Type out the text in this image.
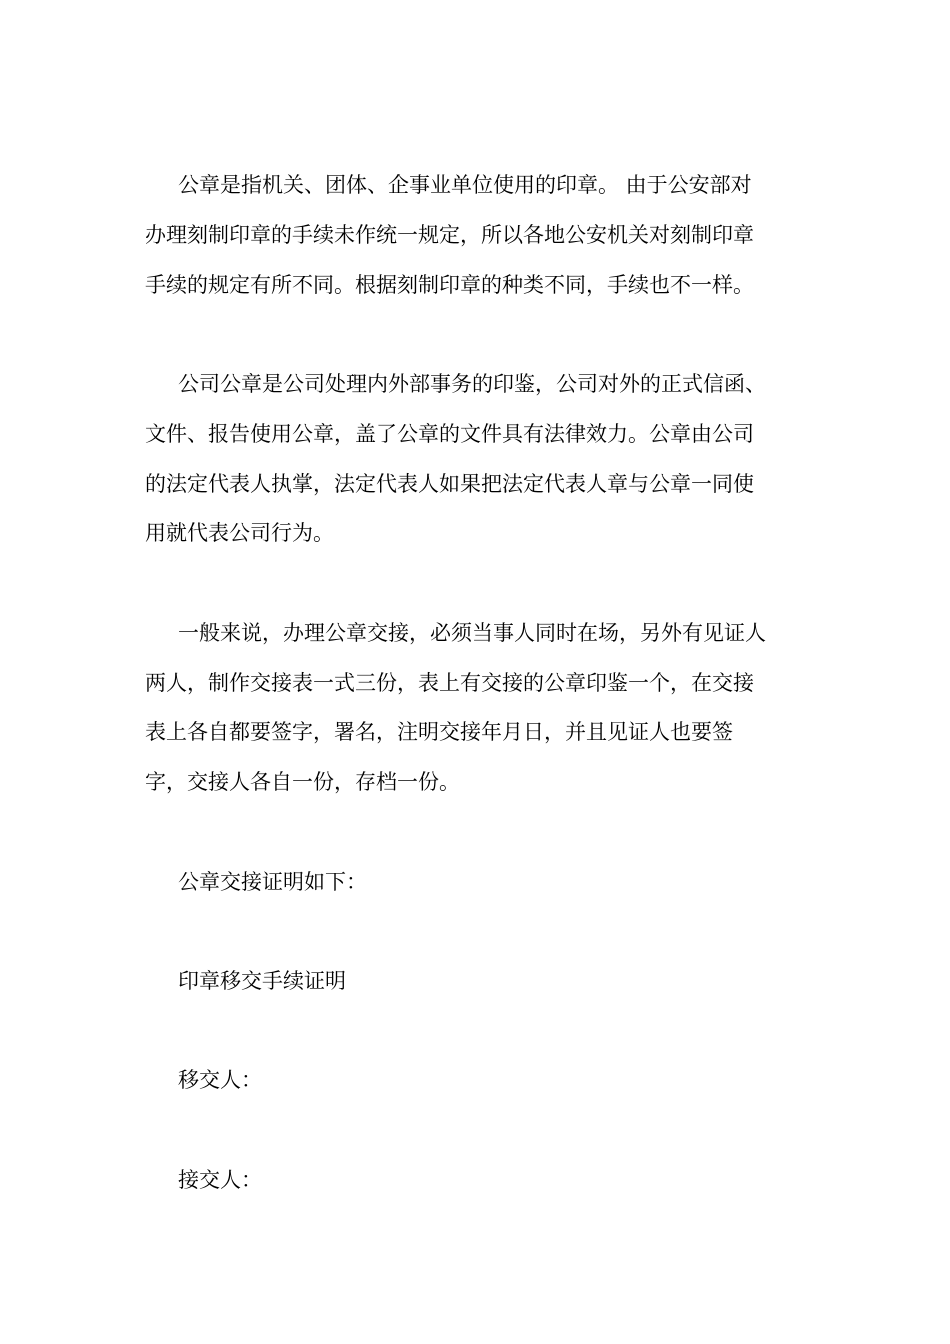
公章是指机关、团体、企事业单位使用的印章。 由于公安部对

办理刻制印章的手续未作统一规定，所以各地公安机关对刻制印章

手续的规定有所不同。根据刻制印章的种类不同，手续也不一样。

公司公章是公司处理内外部事务的印鉴，公司对外的正式信函、

文件、报告使用公章，盖了公章的文件具有法律效力。公章由公司

的法定代表人执掌，法定代表人如果把法定代表人章与公章一同使

用就代表公司行为。

一般来说，办理公章交接，必须当事人同时在场，另外有见证人

两人，制作交接表一式三份，表上有交接的公章印鉴一个，在交接

表上各自都要签字，署名，注明交接年月日，并且见证人也要签

字，交接人各自一份，存档一份。

公章交接证明如下：

印章移交手续证明

移交人：

接交人：
